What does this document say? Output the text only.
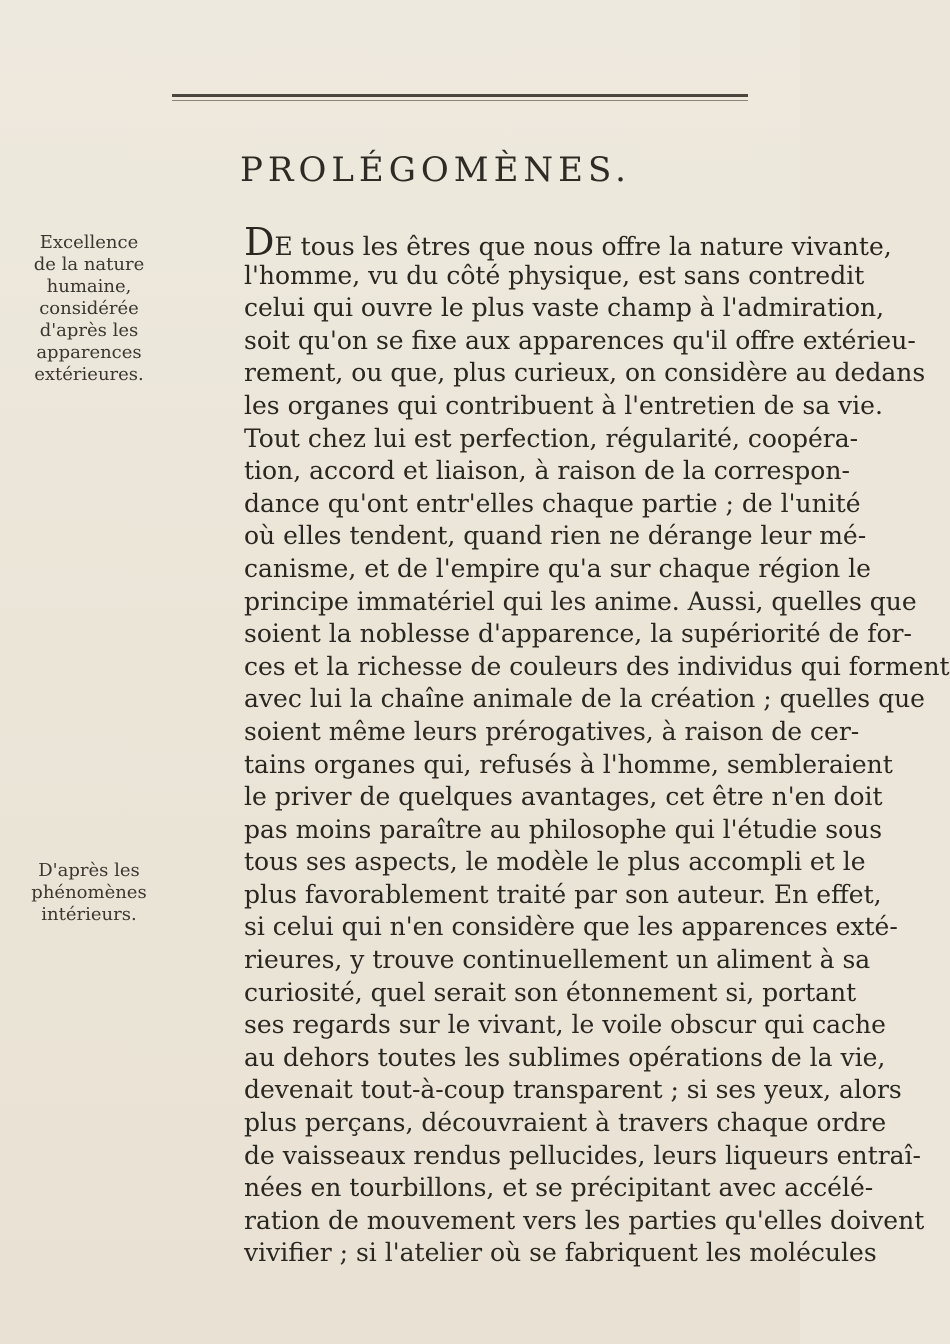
PROLÉGOMÈNES.
Excellence
de la nature
humaine,
considérée
d'après les
apparences
extérieures.
D'après les
phénomènes
intérieurs.
DE tous les êtres que nous offre la nature vivante,
l'homme, vu du côté physique, est sans contredit
celui qui ouvre le plus vaste champ à l'admiration,
soit qu'on se fixe aux apparences qu'il offre extérieu-
rement, ou que, plus curieux, on considère au dedans
les organes qui contribuent à l'entretien de sa vie.
Tout chez lui est perfection, régularité, coopéra-
tion, accord et liaison, à raison de la correspon-
dance qu'ont entr'elles chaque partie ; de l'unité
où elles tendent, quand rien ne dérange leur mé-
canisme, et de l'empire qu'a sur chaque région le
principe immatériel qui les anime. Aussi, quelles que
soient la noblesse d'apparence, la supériorité de for-
ces et la richesse de couleurs des individus qui forment
avec lui la chaîne animale de la création ; quelles que
soient même leurs prérogatives, à raison de cer-
tains organes qui, refusés à l'homme, sembleraient
le priver de quelques avantages, cet être n'en doit
pas moins paraître au philosophe qui l'étudie sous
tous ses aspects, le modèle le plus accompli et le
plus favorablement traité par son auteur. En effet,
si celui qui n'en considère que les apparences exté-
rieures, y trouve continuellement un aliment à sa
curiosité, quel serait son étonnement si, portant
ses regards sur le vivant, le voile obscur qui cache
au dehors toutes les sublimes opérations de la vie,
devenait tout-à-coup transparent ; si ses yeux, alors
plus perçans, découvraient à travers chaque ordre
de vaisseaux rendus pellucides, leurs liqueurs entraî-
nées en tourbillons, et se précipitant avec accélé-
ration de mouvement vers les parties qu'elles doivent
vivifier ; si l'atelier où se fabriquent les molécules
